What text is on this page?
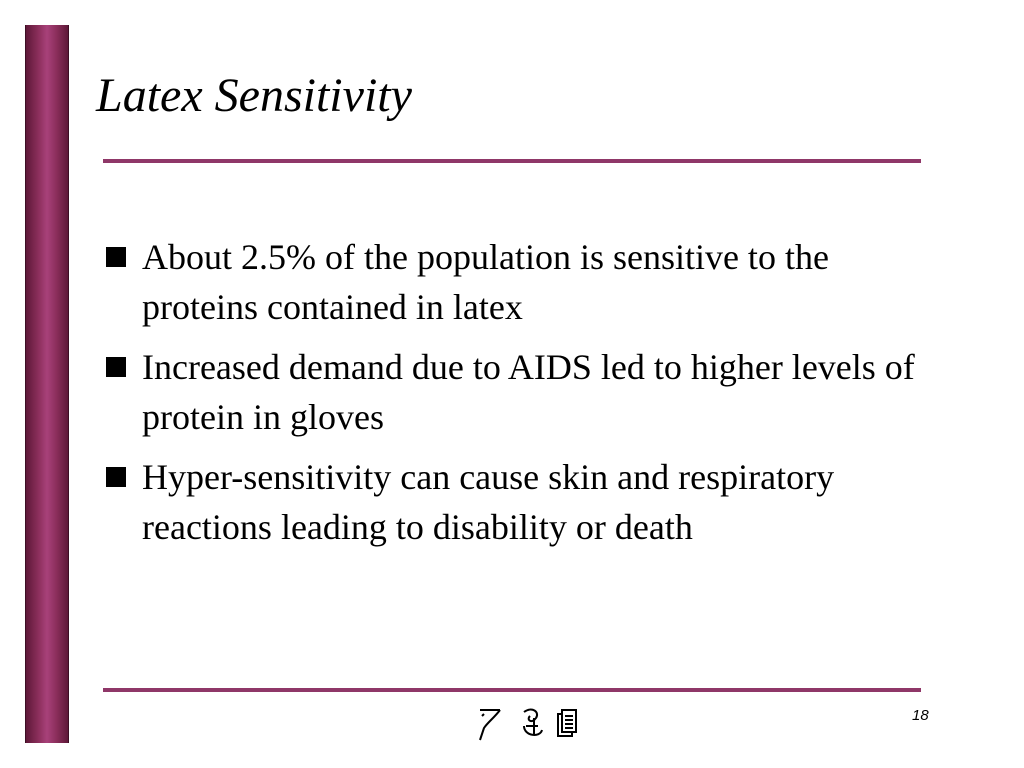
Latex Sensitivity
About 2.5% of the population is sensitive to the proteins contained in latex
Increased demand due to AIDS led to higher levels of protein in gloves
Hyper-sensitivity can cause skin and respiratory reactions leading to disability or death
18
